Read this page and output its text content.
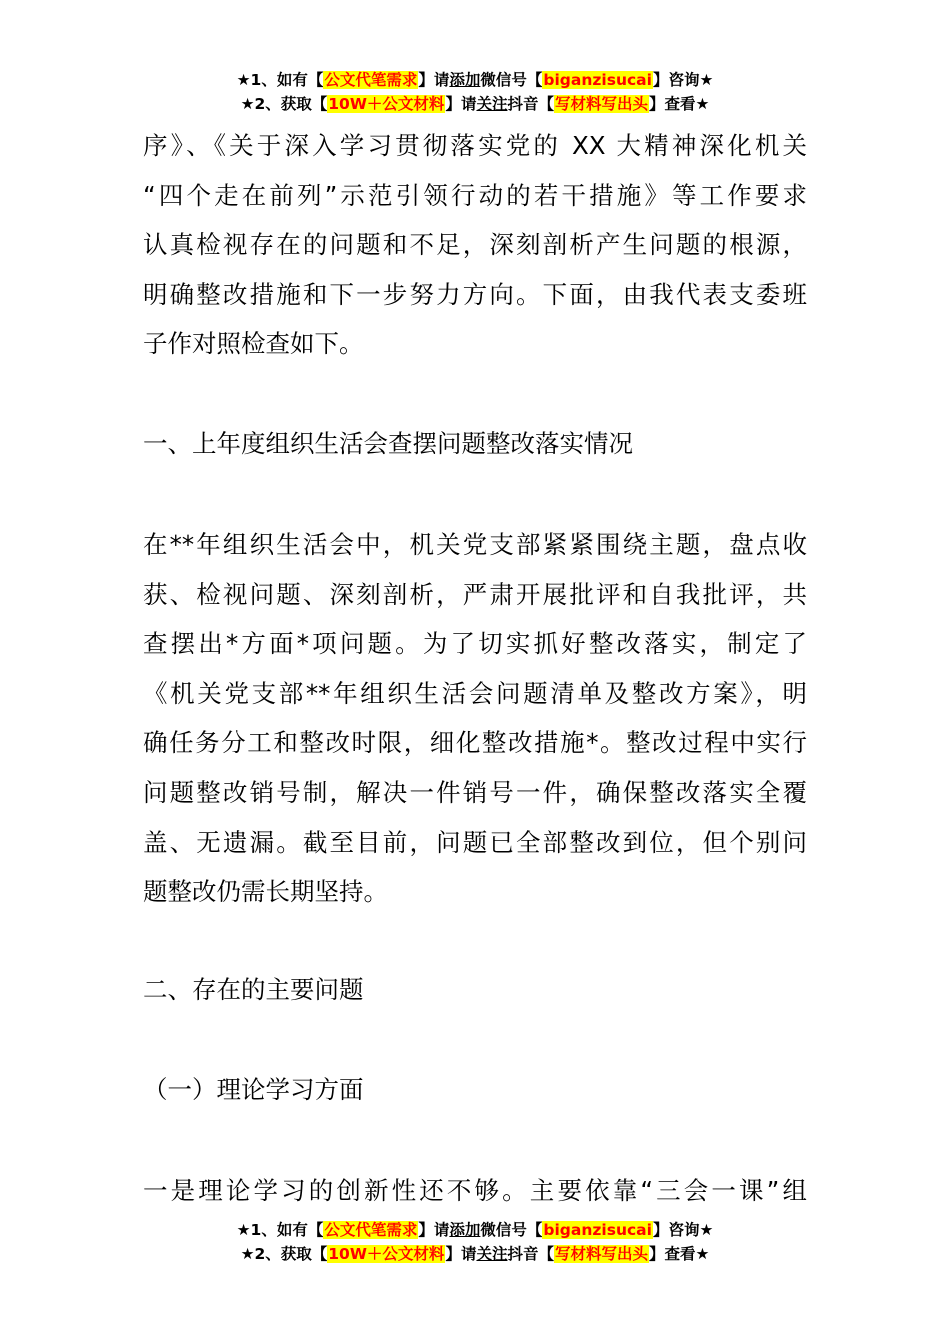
★1、如有【公文代笔需求】请添加微信号【biganzisucai】咨询★
★2、获取【10W＋公文材料】请关注抖音【写材料写出头】查看★
序》、《关于深入学习贯彻落实党的 XX 大精神深化机关
“四个走在前列”示范引领行动的若干措施》等工作要求
认真检视存在的问题和不足，深刻剖析产生问题的根源，
明确整改措施和下一步努力方向。下面，由我代表支委班
子作对照检查如下。
一、上年度组织生活会查摆问题整改落实情况
在**年组织生活会中，机关党支部紧紧围绕主题，盘点收
获、检视问题、深刻剖析，严肃开展批评和自我批评，共
查摆出*方面*项问题。为了切实抓好整改落实，制定了
《机关党支部**年组织生活会问题清单及整改方案》，明
确任务分工和整改时限，细化整改措施*。整改过程中实行
问题整改销号制，解决一件销号一件，确保整改落实全覆
盖、无遗漏。截至目前，问题已全部整改到位，但个别问
题整改仍需长期坚持。
二、存在的主要问题
（一）理论学习方面
一是理论学习的创新性还不够。主要依靠“三会一课”组
★1、如有【公文代笔需求】请添加微信号【biganzisucai】咨询★
★2、获取【10W＋公文材料】请关注抖音【写材料写出头】查看★
